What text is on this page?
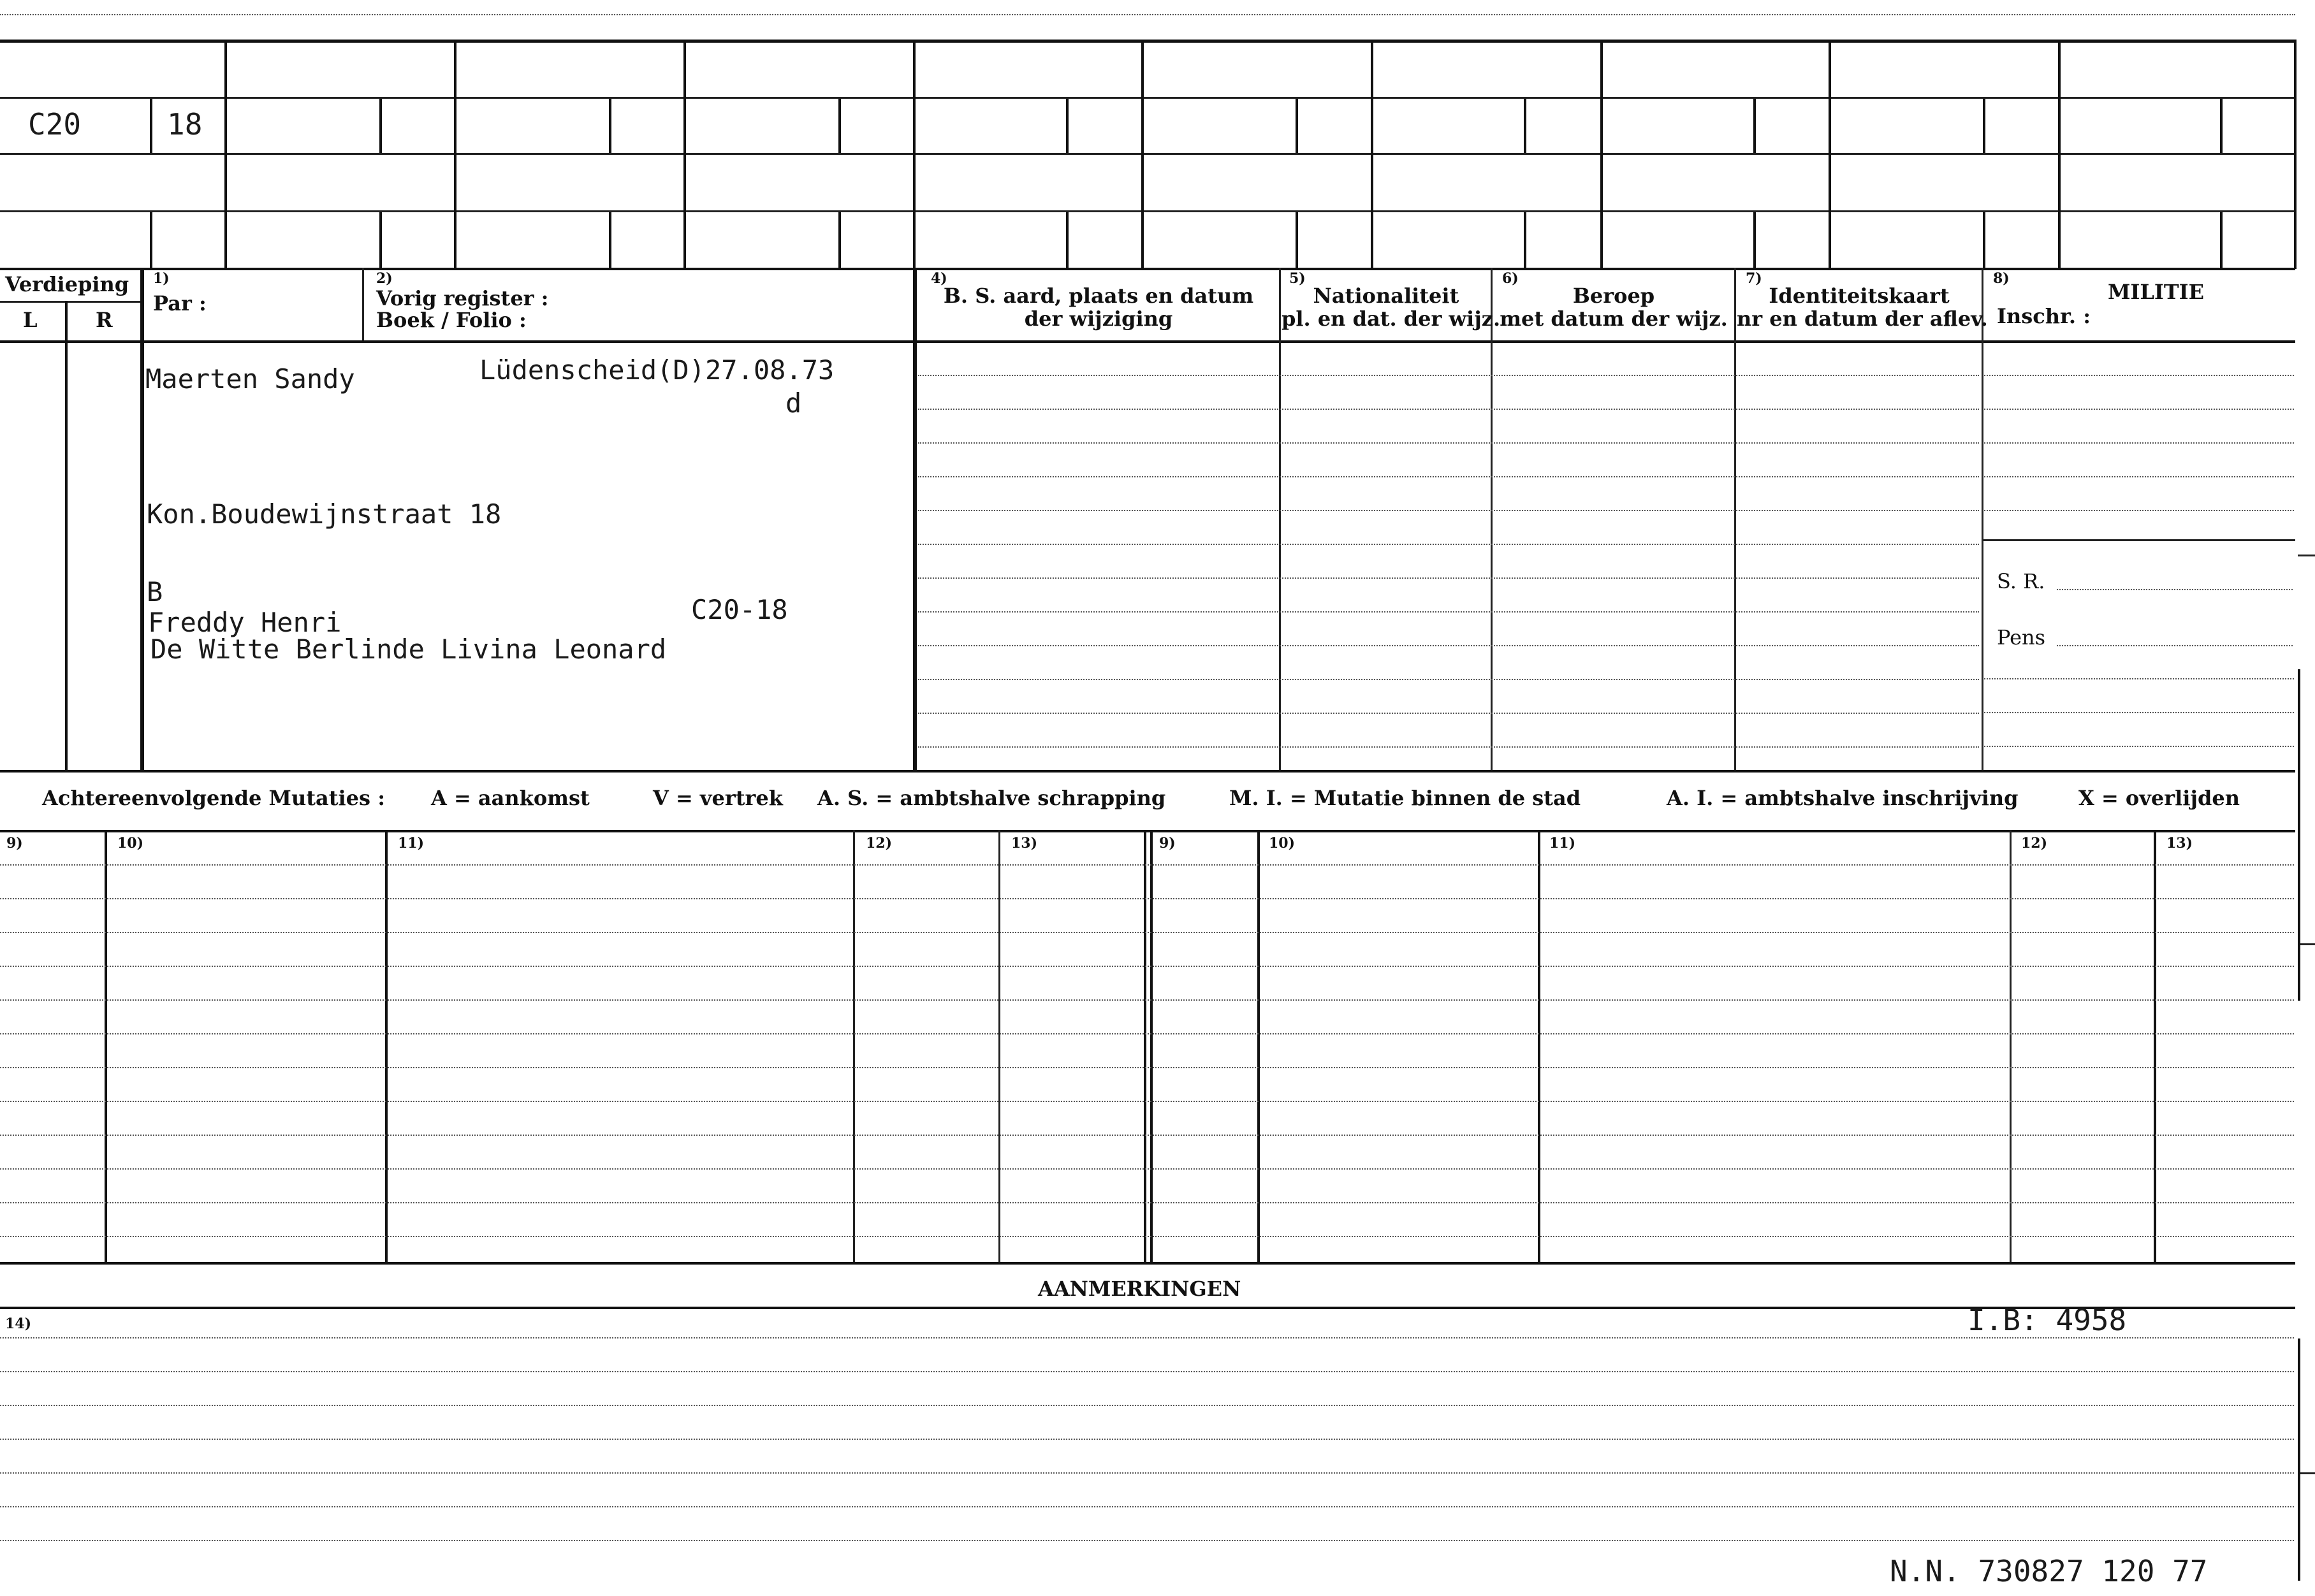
C20	18
Verdieping
L	R
1)
Par :
2)
Vorig register :
Boek / Folio :
4)
B. S. aard, plaats en datum
der wijziging
5)
Nationaliteit
pl. en dat. der wijz.
6)
Beroep
met datum der wijz.
7)
Identiteitskaart
nr en datum der aflev.
8)
MILITIE
Inschr. :
S. R.
Pens
Maerten Sandy	Lüdenscheid(D)27.08.73
d
Kon.Boudewijnstraat 18
B
Freddy Henri	C20-18
De Witte Berlinde Livina Leonard
Achtereenvolgende Mutaties : A = aankomst	V = vertrek A. S. = ambtshalve schrapping	M. I. = Mutatie binnen de stad	A. I. = ambtshalve inschrijving	X = overlijden
9)	10)	11)	12)	13)	9)	10)	11)	12)	13)
AANMERKINGEN
14)	I.B: 4958
N.N. 730827 120 77
